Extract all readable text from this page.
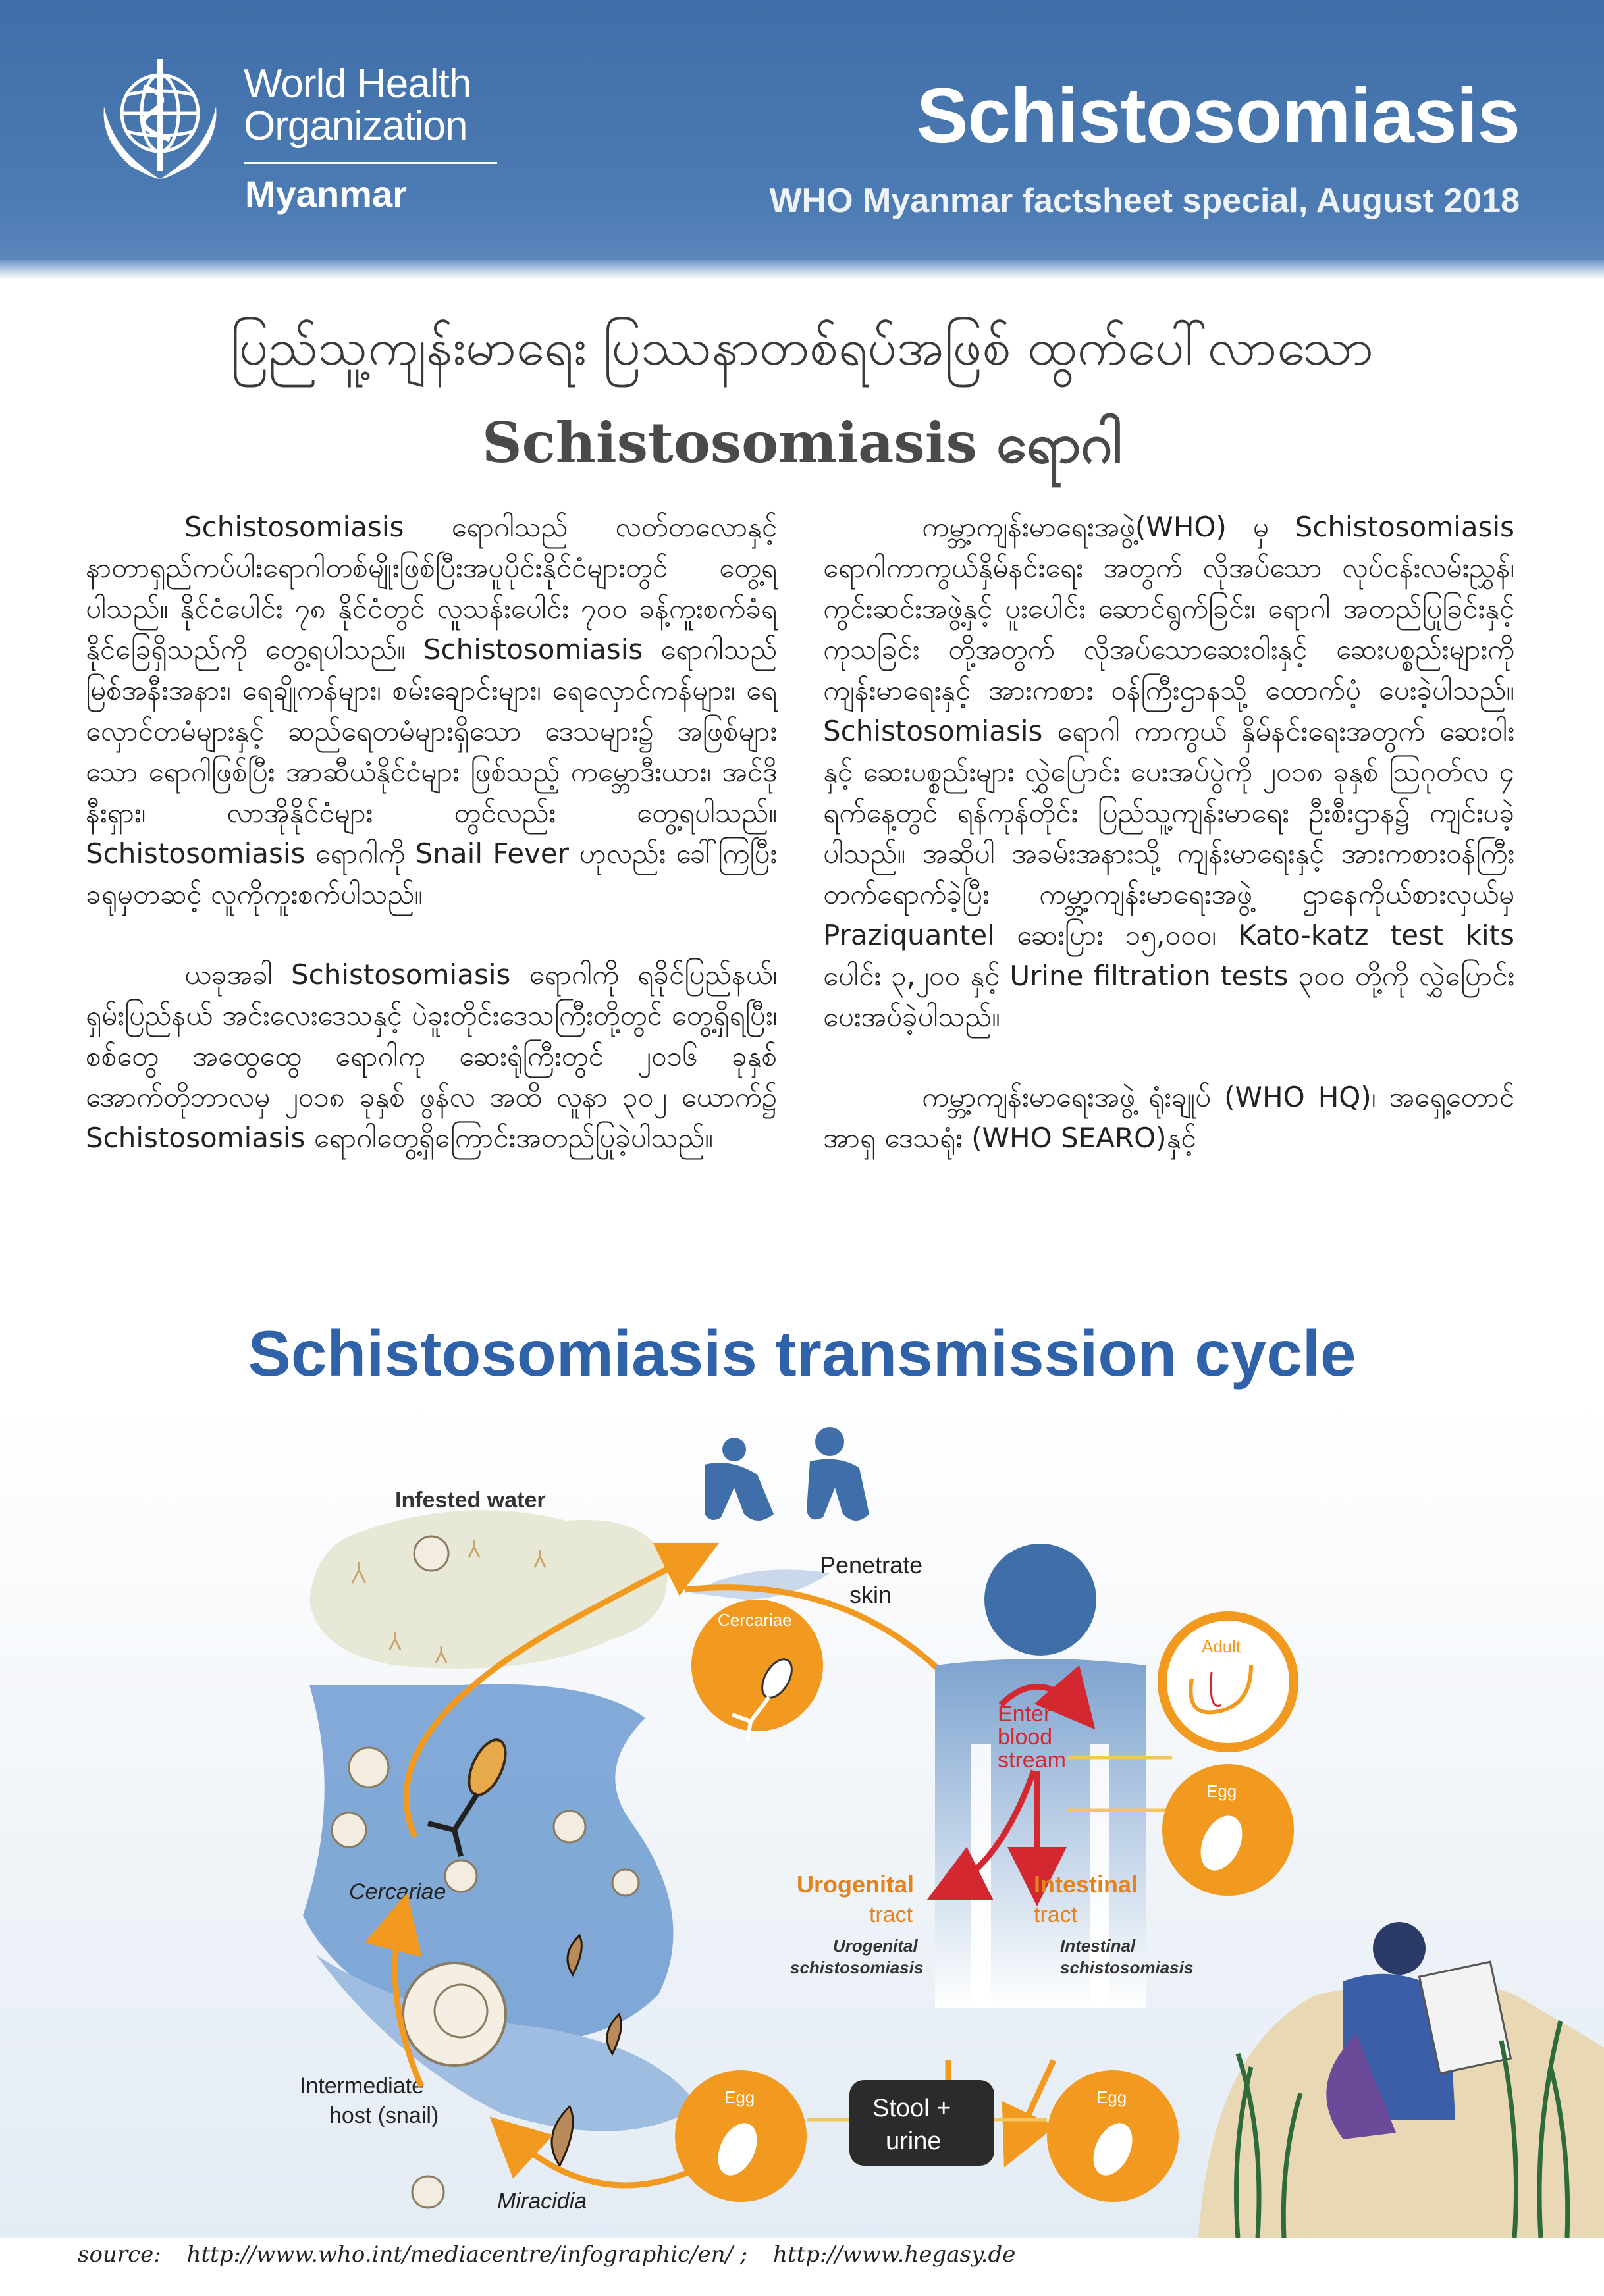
World Health
Organization
Myanmar
Schistosomiasis
WHO Myanmar factsheet special, August 2018
ပြည်သူ့ကျန်းမာရေး ပြဿနာတစ်ရပ်အဖြစ် ထွက်ပေါ်လာသော
Schistosomiasis ရောဂါ

Schistosomiasis ရောဂါသည် လတ်တလောနှင့် နာတာရှည်ကပ်ပါးရောဂါတစ်မျိုးဖြစ်ပြီးအပူပိုင်းနိုင်ငံများတွင် တွေ့ရပါသည်။ နိုင်ငံပေါင်း ၇၈ နိုင်ငံတွင် လူသန်းပေါင်း ၇၀၀ ခန့်ကူးစက်ခံရနိုင်ခြေရှိသည်ကို တွေ့ရပါသည်။ Schistosomiasis ရောဂါသည် မြစ်အနီးအနား၊ ရေချိုကန်များ၊ စမ်းချောင်းများ၊ ရေလှောင်ကန်များ၊ ရေလှောင်တမံများနှင့် ဆည်ရေတမံများရှိသော ဒေသများ၌ အဖြစ်များသော ရောဂါဖြစ်ပြီး အာဆီယံနိုင်ငံများ ဖြစ်သည့် ကမ္ဘောဒီးယား၊ အင်ဒိုနီးရှား၊ လာအိုနိုင်ငံများ တွင်လည်း တွေ့ရပါသည်။ Schistosomiasis ရောဂါကို Snail Fever ဟုလည်း ခေါ်ကြပြီး ခရုမှတဆင့် လူကိုကူးစက်ပါသည်။

ယခုအခါ Schistosomiasis ရောဂါကို ရခိုင်ပြည်နယ်၊ ရှမ်းပြည်နယ် အင်းလေးဒေသနှင့် ပဲခူးတိုင်းဒေသကြီးတို့တွင် တွေ့ရှိရပြီး၊ စစ်တွေ အထွေထွေ ရောဂါကု ဆေးရုံကြီးတွင် ၂၀၁၆ ခုနှစ် အောက်တိုဘာလမှ ၂၀၁၈ ခုနှစ် ဖွန်လ အထိ လူနာ ၃၀၂ ယောက်၌ Schistosomiasis ရောဂါတွေ့ရှိကြောင်းအတည်ပြုခဲ့ပါသည်။

ကမ္ဘာ့ကျန်းမာရေးအဖွဲ့(WHO) မှ Schistosomiasis ရောဂါကာကွယ်နှိမ်နင်းရေး အတွက် လိုအပ်သော လုပ်ငန်းလမ်းညွှန်၊ ကွင်းဆင်းအဖွဲ့နှင့် ပူးပေါင်း ဆောင်ရွက်ခြင်း၊ ရောဂါ အတည်ပြုခြင်းနှင့် ကုသခြင်း တို့အတွက် လိုအပ်သောဆေးဝါးနှင့် ဆေးပစ္စည်းများကို ကျန်းမာရေးနှင့် အားကစား ဝန်ကြီးဌာနသို့ ထောက်ပံ့ ပေးခဲ့ပါသည်။ Schistosomiasis ရောဂါ ကာကွယ် နှိမ်နင်းရေးအတွက် ဆေးဝါးနှင့် ဆေးပစ္စည်းများ လွှဲပြောင်း ပေးအပ်ပွဲကို ၂၀၁၈ ခုနှစ် ဩဂုတ်လ ၄ ရက်နေ့တွင် ရန်ကုန်တိုင်း ပြည်သူ့ကျန်းမာရေး ဦးစီးဌာန၌ ကျင်းပခဲ့ပါသည်။ အဆိုပါ အခမ်းအနားသို့ ကျန်းမာရေးနှင့် အားကစားဝန်ကြီး တက်ရောက်ခဲ့ပြီး ကမ္ဘာ့ကျန်းမာရေးအဖွဲ့ ဌာနေကိုယ်စားလှယ်မှ Praziquantel ဆေးပြား ၁၅,၀၀၀၊ Kato-katz test kits ပေါင်း ၃,၂၀၀ နှင့် Urine filtration tests ၃၀၀ တို့ကို လွှဲပြောင်း ပေးအပ်ခဲ့ပါသည်။

ကမ္ဘာ့ကျန်းမာရေးအဖွဲ့ ရုံးချုပ် (WHO HQ)၊ အရှေ့တောင်အာရှ ဒေသရုံး (WHO SEARO)နှင့်

Schistosomiasis transmission cycle
Infested water
Cercariae
Intermediate
host (snail)
Miracidia
Penetrate
skin
Cercariae
Enter
blood
stream
Adult
Egg
Urogenital
tract
Intestinal
tract
Urogenital
schistosomiasis
Intestinal
schistosomiasis
Egg	Egg
Stool +
urine
source: http://www.who.int/mediacentre/infographic/en/ ; http://www.hegasy.de
